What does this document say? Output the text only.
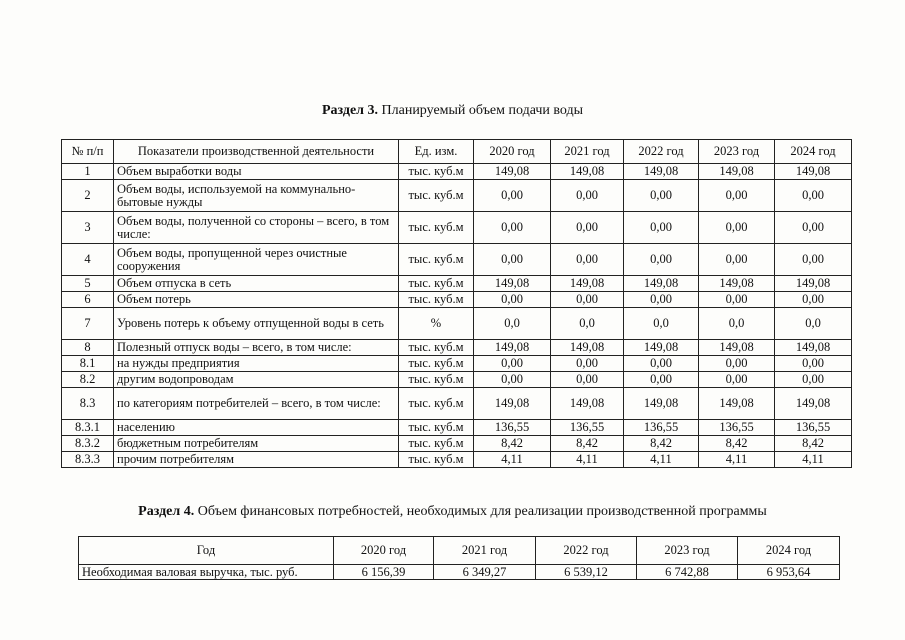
Раздел 3. Планируемый объем подачи воды
№ п/п	Показатели производственной деятельности	Ед. изм.	2020 год	2021 год	2022 год	2023 год	2024 год
1	Объем выработки воды	тыс. куб.м	149,08	149,08	149,08	149,08	149,08
2	Объем воды, используемой на коммунально-бытовые нужды	тыс. куб.м	0,00	0,00	0,00	0,00	0,00
3	Объем воды, полученной со стороны – всего, в том числе:	тыс. куб.м	0,00	0,00	0,00	0,00	0,00
4	Объем воды, пропущенной через очистные сооружения	тыс. куб.м	0,00	0,00	0,00	0,00	0,00
5	Объем отпуска в сеть	тыс. куб.м	149,08	149,08	149,08	149,08	149,08
6	Объем потерь	тыс. куб.м	0,00	0,00	0,00	0,00	0,00
7	Уровень потерь к объему отпущенной воды в сеть	%	0,0	0,0	0,0	0,0	0,0
8	Полезный отпуск воды – всего, в том числе:	тыс. куб.м	149,08	149,08	149,08	149,08	149,08
8.1	на нужды предприятия	тыс. куб.м	0,00	0,00	0,00	0,00	0,00
8.2	другим водопроводам	тыс. куб.м	0,00	0,00	0,00	0,00	0,00
8.3	по категориям потребителей – всего, в том числе:	тыс. куб.м	149,08	149,08	149,08	149,08	149,08
8.3.1	населению	тыс. куб.м	136,55	136,55	136,55	136,55	136,55
8.3.2	бюджетным потребителям	тыс. куб.м	8,42	8,42	8,42	8,42	8,42
8.3.3	прочим потребителям	тыс. куб.м	4,11	4,11	4,11	4,11	4,11
Раздел 4. Объем финансовых потребностей, необходимых для реализации производственной программы
Год	2020 год	2021 год	2022 год	2023 год	2024 год
Необходимая валовая выручка, тыс. руб.	6 156,39	6 349,27	6 539,12	6 742,88	6 953,64
